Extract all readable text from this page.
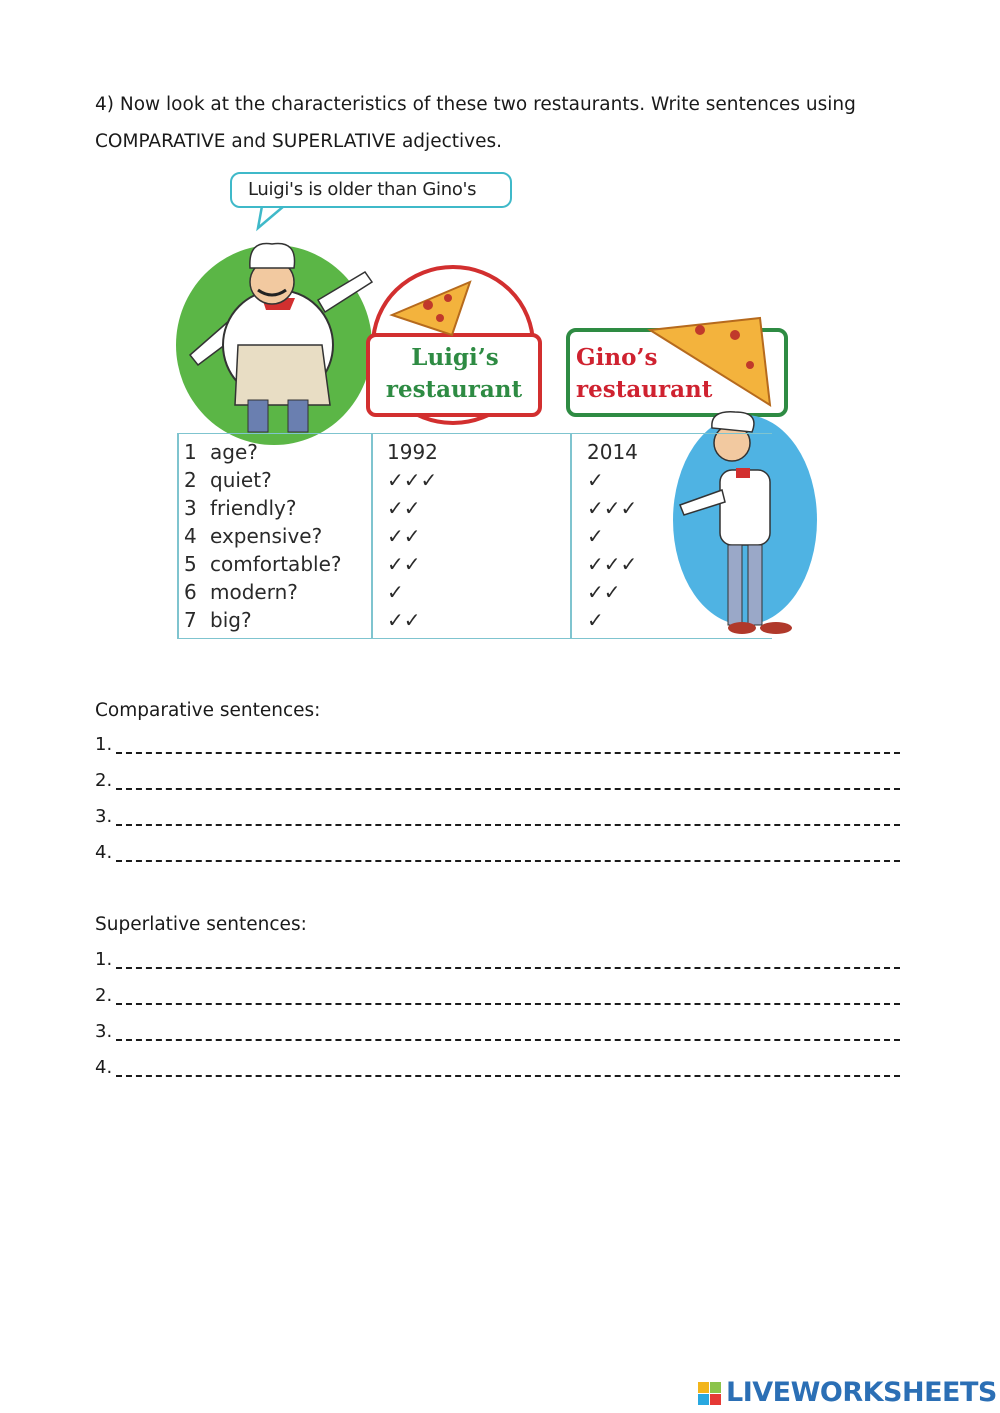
4) Now look at the characteristics of these two restaurants. Write sentences using
COMPARATIVE and SUPERLATIVE adjectives.
Luigi's is older than Gino's
Luigi’s
restaurant
Gino’s
restaurant
1 age?	1992	2014
2 quiet?	✓✓✓	✓
3 friendly?	✓✓	✓✓✓
4 expensive?	✓✓	✓
5 comfortable? ✓✓	✓✓✓
6 modern?	✓	✓✓
7 big?	✓✓	✓
Comparative sentences:
1.
2.
3.
4.
Superlative sentences:
1.
2.
3.
4.
LIVEWORKSHEETS
